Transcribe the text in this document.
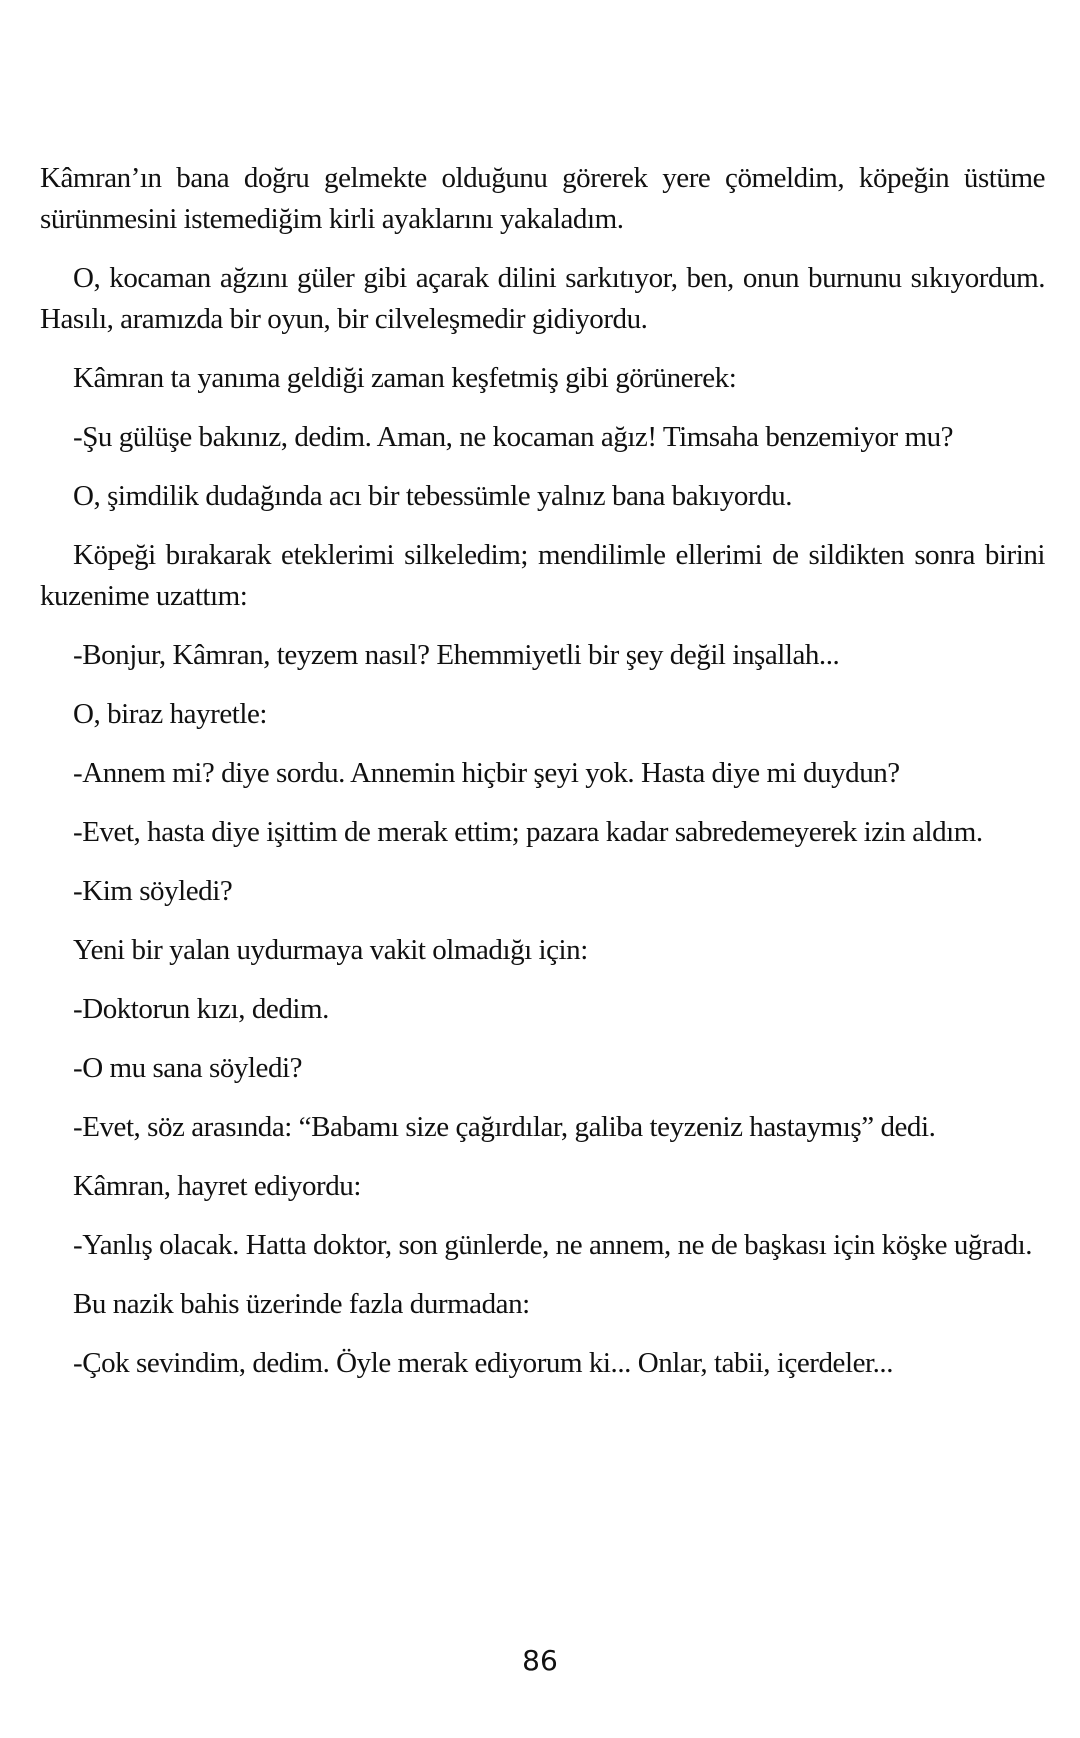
Kâmran’ın bana doğru gelmekte olduğunu görerek yere çömeldim, köpeğin üstüme sürünmesini istemediğim kirli ayaklarını yakaladım.

O, kocaman ağzını güler gibi açarak dilini sarkıtıyor, ben, onun burnunu sıkıyordum. Hasılı, aramızda bir oyun, bir cilveleşmedir gidiyordu.

Kâmran ta yanıma geldiği zaman keşfetmiş gibi görünerek:

-Şu gülüşe bakınız, dedim. Aman, ne kocaman ağız! Timsaha benzemiyor mu?

O, şimdilik dudağında acı bir tebessümle yalnız bana bakıyordu.

Köpeği bırakarak eteklerimi silkeledim; mendilimle ellerimi de sildikten sonra birini kuzenime uzattım:

-Bonjur, Kâmran, teyzem nasıl? Ehemmiyetli bir şey değil inşallah...

O, biraz hayretle:

-Annem mi? diye sordu. Annemin hiçbir şeyi yok. Hasta diye mi duydun?

-Evet, hasta diye işittim de merak ettim; pazara kadar sabredemeyerek izin aldım.

-Kim söyledi?

Yeni bir yalan uydurmaya vakit olmadığı için:

-Doktorun kızı, dedim.

-O mu sana söyledi?

-Evet, söz arasında: “Babamı size çağırdılar, galiba teyzeniz hastaymış” dedi.

Kâmran, hayret ediyordu:

-Yanlış olacak. Hatta doktor, son günlerde, ne annem, ne de başkası için köşke uğradı.

Bu nazik bahis üzerinde fazla durmadan:

-Çok sevindim, dedim. Öyle merak ediyorum ki... Onlar, tabii, içerdeler...

86
